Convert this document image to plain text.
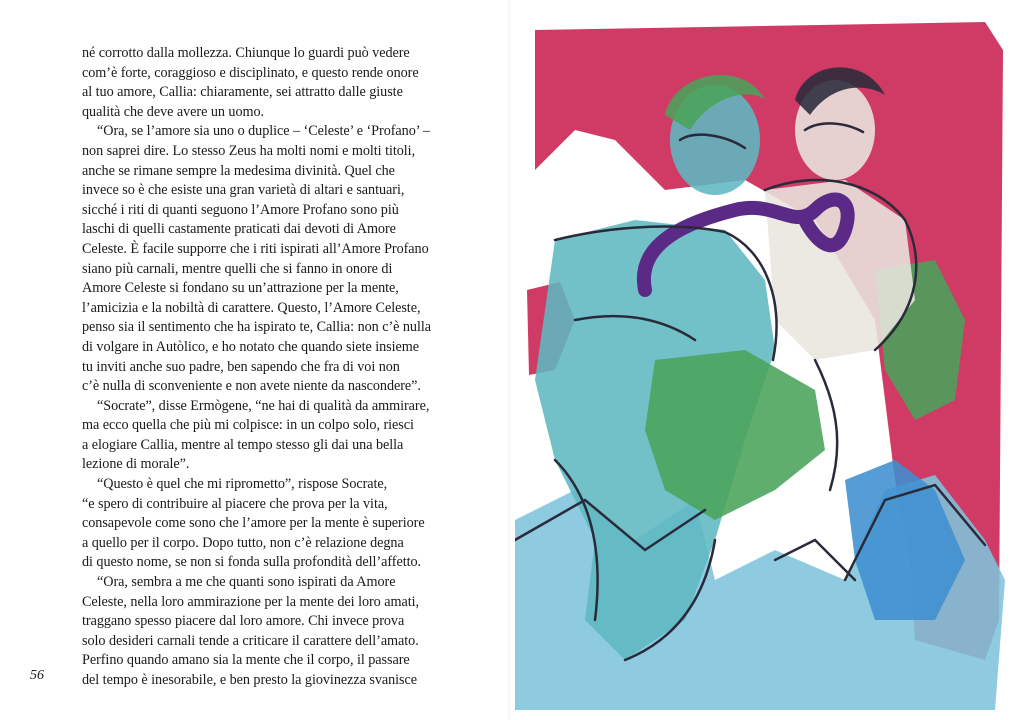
né corrotto dalla mollezza. Chiunque lo guardi può vedere
com’è forte, coraggioso e disciplinato, e questo rende onore
al tuo amore, Callia: chiaramente, sei attratto dalle giuste
qualità che deve avere un uomo.

“Ora, se l’amore sia uno o duplice – ‘Celeste’ e ‘Profano’ –
non saprei dire. Lo stesso Zeus ha molti nomi e molti titoli,
anche se rimane sempre la medesima divinità. Quel che
invece so è che esiste una gran varietà di altari e santuari,
sicché i riti di quanti seguono l’Amore Profano sono più
laschi di quelli castamente praticati dai devoti di Amore
Celeste. È facile supporre che i riti ispirati all’Amore Profano
siano più carnali, mentre quelli che si fanno in onore di
Amore Celeste si fondano su un’attrazione per la mente,
l’amicizia e la nobiltà di carattere. Questo, l’Amore Celeste,
penso sia il sentimento che ha ispirato te, Callia: non c’è nulla
di volgare in Autòlico, e ho notato che quando siete insieme
tu inviti anche suo padre, ben sapendo che fra di voi non
c’è nulla di sconveniente e non avete niente da nascondere”.

“Socrate”, disse Ermògene, “ne hai di qualità da ammirare,
ma ecco quella che più mi colpisce: in un colpo solo, riesci
a elogiare Callia, mentre al tempo stesso gli dai una bella
lezione di morale”.

“Questo è quel che mi riprometto”, rispose Socrate,
“e spero di contribuire al piacere che prova per la vita,
consapevole come sono che l’amore per la mente è superiore
a quello per il corpo. Dopo tutto, non c’è relazione degna
di questo nome, se non si fonda sulla profondità dell’affetto.

“Ora, sembra a me che quanti sono ispirati da Amore
Celeste, nella loro ammirazione per la mente dei loro amati,
traggano spesso piacere dal loro amore. Chi invece prova
solo desideri carnali tende a criticare il carattere dell’amato.
Perfino quando amano sia la mente che il corpo, il passare
del tempo è inesorabile, e ben presto la giovinezza svanisce

56
